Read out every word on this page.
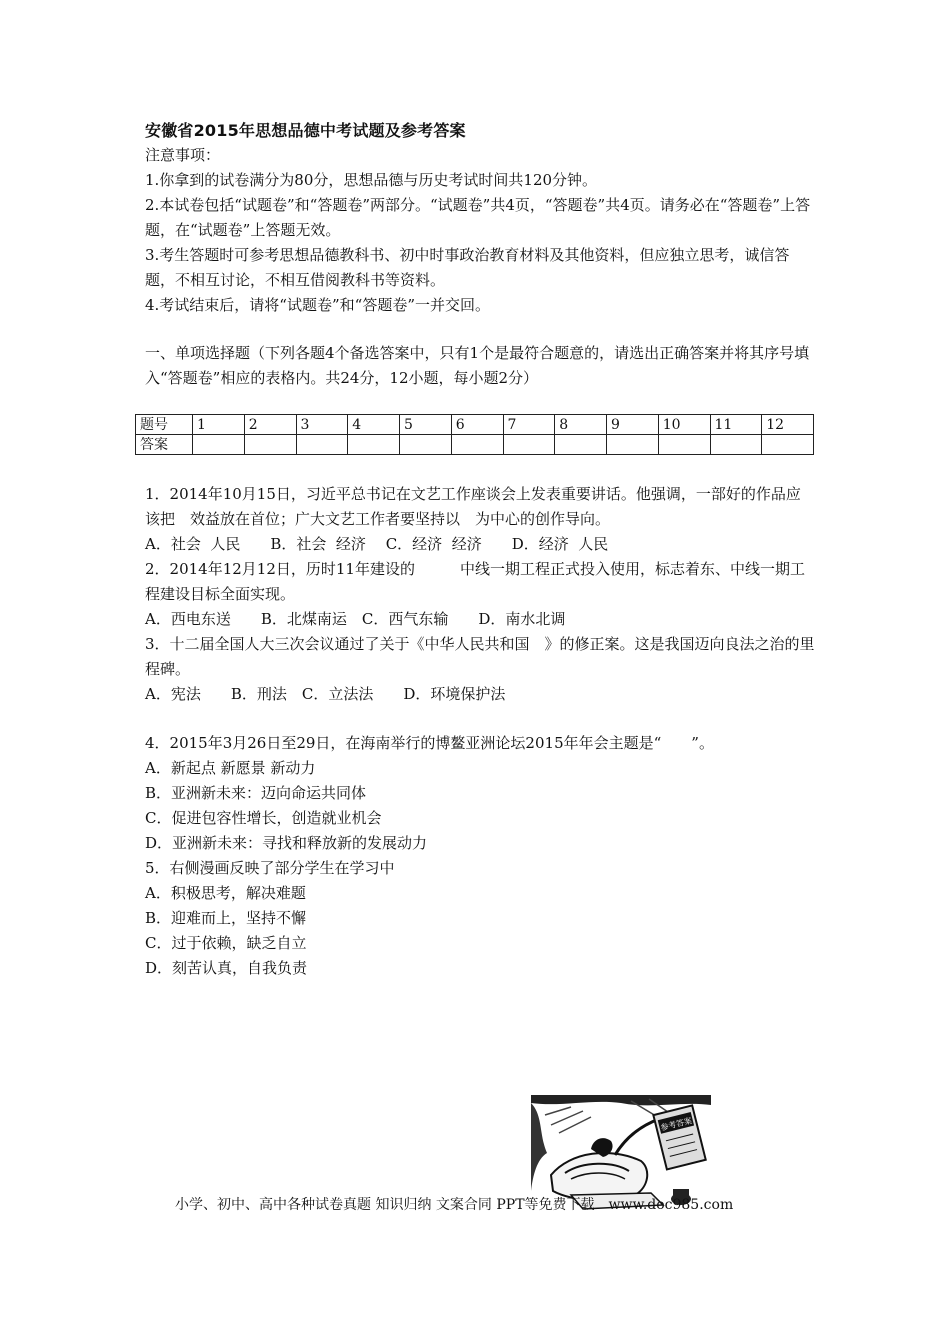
安徽省2015年思想品德中考试题及参考答案

注意事项：

1.你拿到的试卷满分为80分，思想品德与历史考试时间共120分钟。

2.本试卷包括“试题卷”和“答题卷”两部分。“试题卷”共4页，“答题卷”共4页。请务必在“答题卷”上答题，在“试题卷”上答题无效。

3.考生答题时可参考思想品德教科书、初中时事政治教育材料及其他资料，但应独立思考，诚信答题，不相互讨论，不相互借阅教科书等资料。

4.考试结束后，请将“试题卷”和“答题卷”一并交回。

一、单项选择题（下列各题4个备选答案中，只有1个是最符合题意的，请选出正确答案并将其序号填入“答题卷”相应的表格内。共24分，12小题，每小题2分）

题号	1	2	3	4	5	6	7	8	9	10	11	12
答案												

1．2014年10月15日，习近平总书记在文艺工作座谈会上发表重要讲话。他强调，一部好的作品应该把　效益放在首位；广大文艺工作者要坚持以　为中心的创作导向。

A．社会  人民　　B．社会  经济　 C．经济  经济　　D．经济  人民

2．2014年12月12日，历时11年建设的　　　中线一期工程正式投入使用，标志着东、中线一期工程建设目标全面实现。

A．西电东送　　B．北煤南运　C．西气东输　　D．南水北调

3．十二届全国人大三次会议通过了关于《中华人民共和国　》的修正案。这是我国迈向良法之治的里程碑。

A．宪法　　B．刑法　C．立法法　　D．环境保护法

4．2015年3月26日至29日，在海南举行的博鳌亚洲论坛2015年年会主题是“　　”。

A．新起点 新愿景 新动力

B．亚洲新未来：迈向命运共同体

C．促进包容性增长，创造就业机会

D．亚洲新未来：寻找和释放新的发展动力

5．右侧漫画反映了部分学生在学习中

A．积极思考，解决难题

B．迎难而上，坚持不懈

C．过于依赖，缺乏自立

D．刻苦认真，自我负责

参考答案
小学、初中、高中各种试卷真题 知识归纳 文案合同 PPT等免费下载　www.doc985.com
